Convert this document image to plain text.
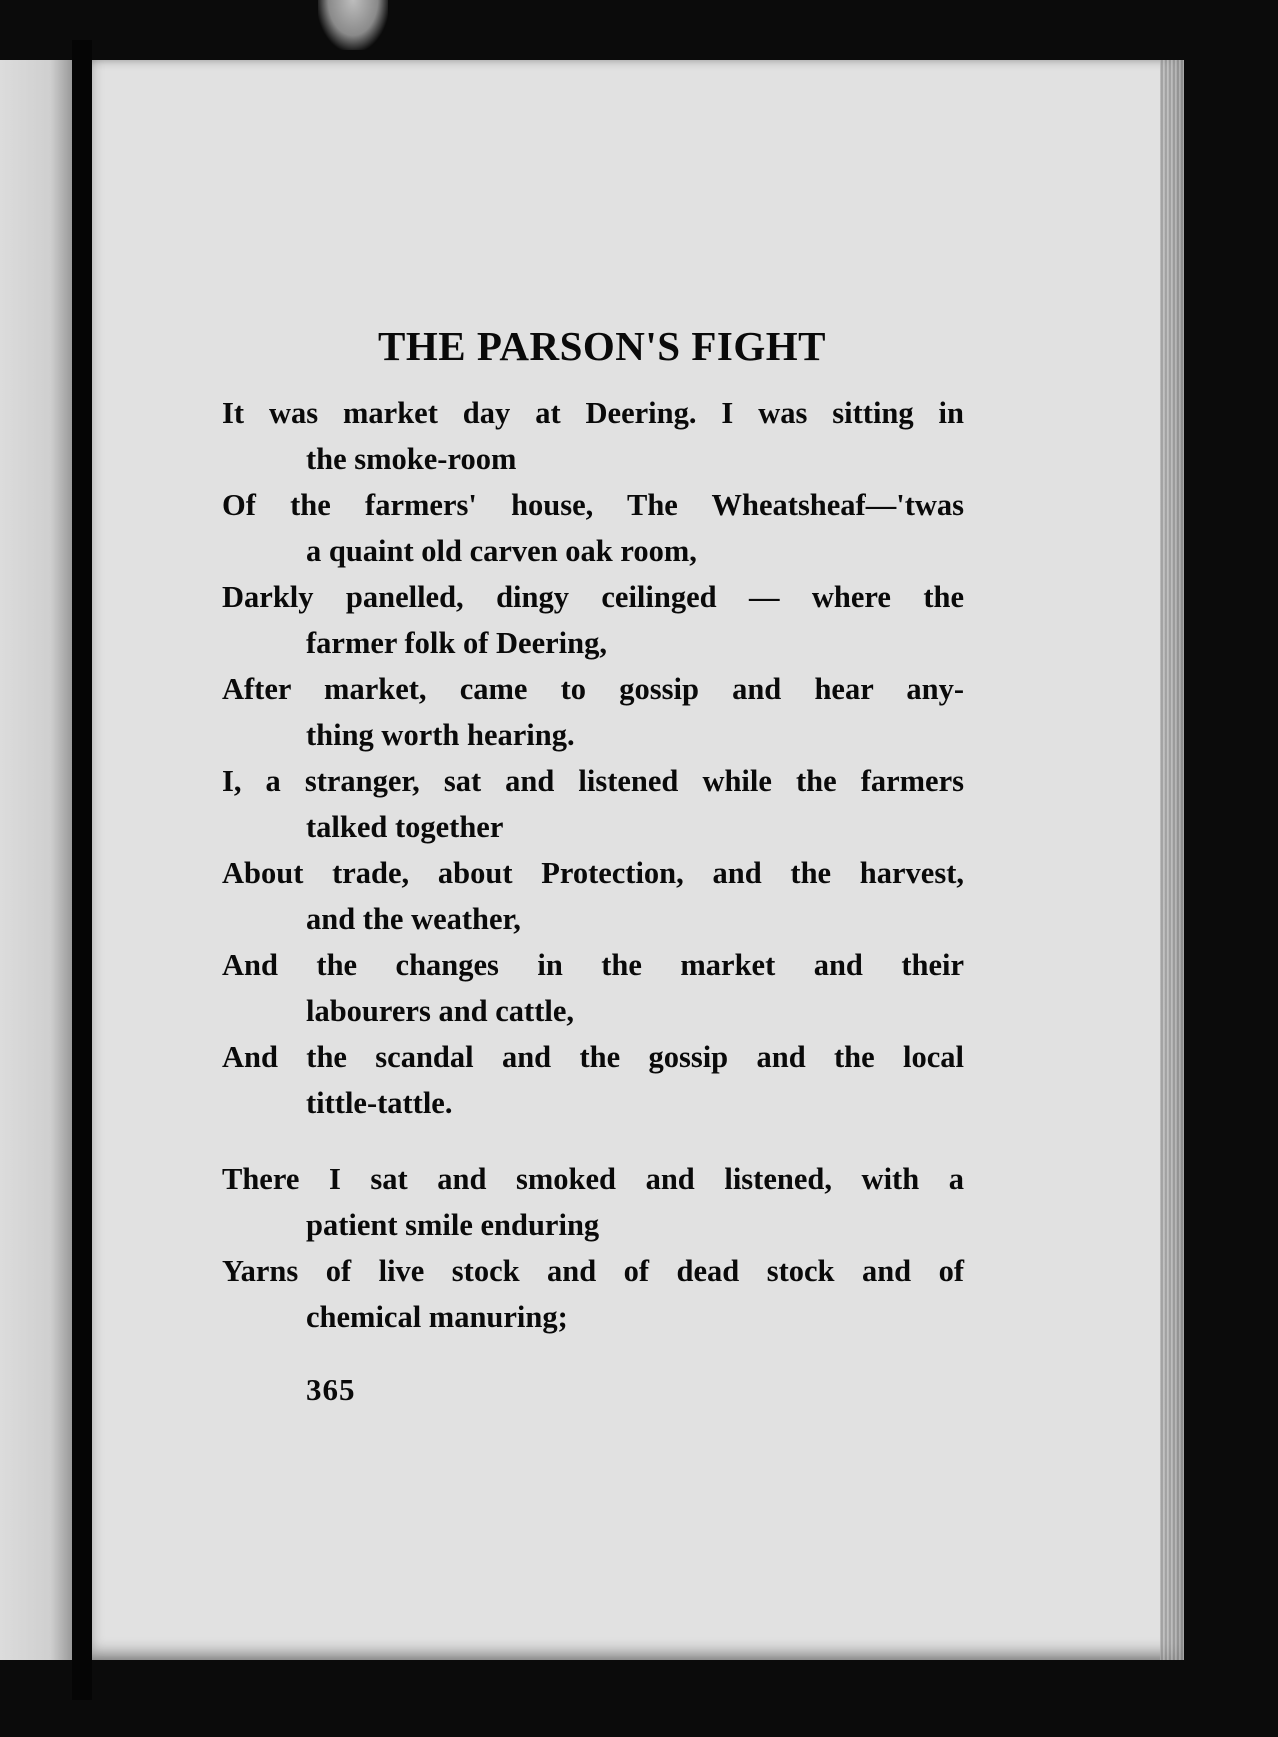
THE PARSON'S FIGHT
It was market day at Deering. I was sitting in
the smoke-room
Of the farmers' house, The Wheatsheaf—'twas
a quaint old carven oak room,
Darkly panelled, dingy ceilinged — where the
farmer folk of Deering,
After market, came to gossip and hear any-
thing worth hearing.
I, a stranger, sat and listened while the farmers
talked together
About trade, about Protection, and the harvest,
and the weather,
And the changes in the market and their
labourers and cattle,
And the scandal and the gossip and the local
tittle-tattle.
There I sat and smoked and listened, with a
patient smile enduring
Yarns of live stock and of dead stock and of
chemical manuring;
365
